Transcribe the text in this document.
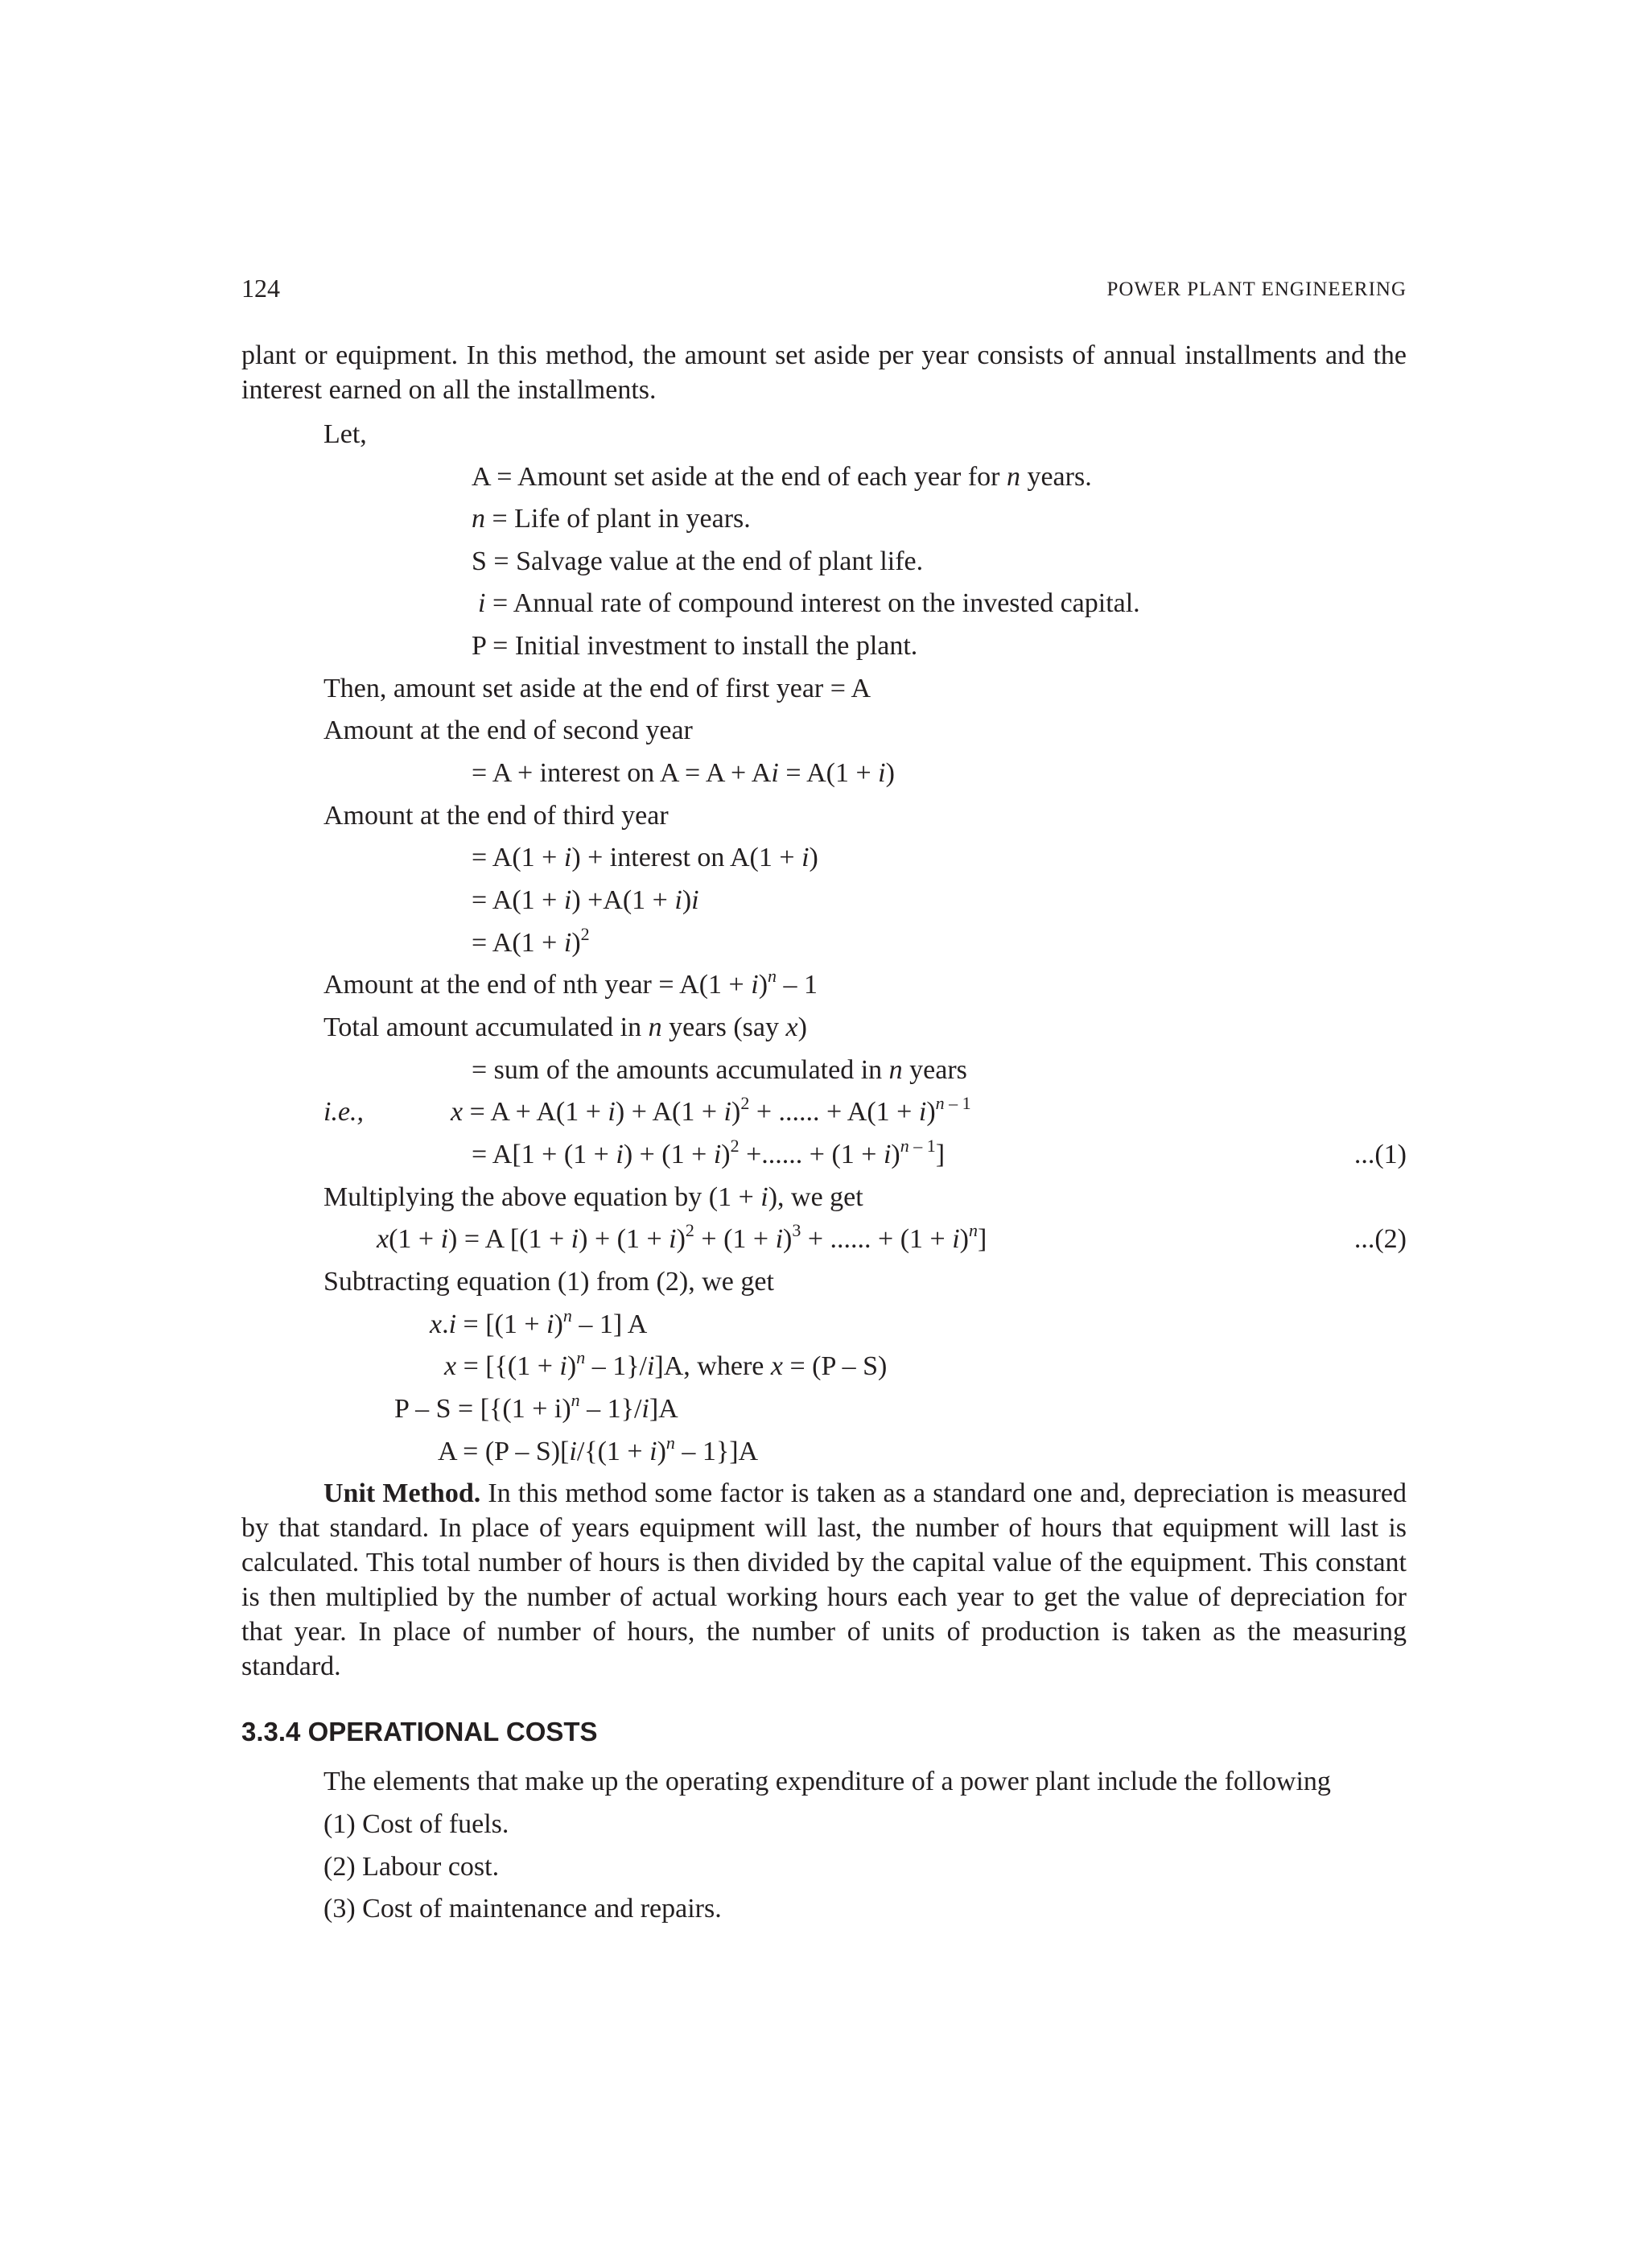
124	POWER PLANT ENGINEERING
plant or equipment. In this method, the amount set aside per year consists of annual installments and the interest earned on all the installments.
Let,
A = Amount set aside at the end of each year for n years.
n = Life of plant in years.
S = Salvage value at the end of plant life.
i = Annual rate of compound interest on the invested capital.
P = Initial investment to install the plant.
Then, amount set aside at the end of first year = A
Amount at the end of second year
= A + interest on A = A + Ai = A(1 + i)
Amount at the end of third year
= A(1 + i) + interest on A(1 + i)
= A(1 + i) +A(1 + i)i
= $A(1 + i)^2$
Amount at the end of nth year = $A(1 + i)^n - 1$
Total amount accumulated in n years (say x)
= sum of the amounts accumulated in n years
i.e.,	$x = A + A(1 + i) + A(1 + i)^2$ + ...... + $A(1 + i)^{n - 1}$
= $A[1 + (1 + i) + (1 + i)^2$ +...... + $(1 + i)^{n - 1}$]	...(1)
Multiplying the above equation by (1 + i), we get
x(1 + i) = A [$(1 + i) + (1 + i)^2 + (1 + i)^3$ + ...... + $(1 + i)^n$]	...(2)
Subtracting equation (1) from (2), we get
$x.i = [(1 + i)^n - 1]$ A
$x = [\{(1 + i)^n - 1\}/i]A$, where x = (P – S)
$P - S = [\{(1 + i)^n - 1\}/i]A$
$A = (P - S)[i/\{(1 + i)^n - 1\}]A$
Unit Method. In this method some factor is taken as a standard one and, depreciation is measured by that standard. In place of years equipment will last, the number of hours that equipment will last is calculated. This total number of hours is then divided by the capital value of the equipment. This constant is then multiplied by the number of actual working hours each year to get the value of depreciation for that year. In place of number of hours, the number of units of production is taken as the measuring standard.
3.3.4 OPERATIONAL COSTS
The elements that make up the operating expenditure of a power plant include the following
(1) Cost of fuels.
(2) Labour cost.
(3) Cost of maintenance and repairs.
